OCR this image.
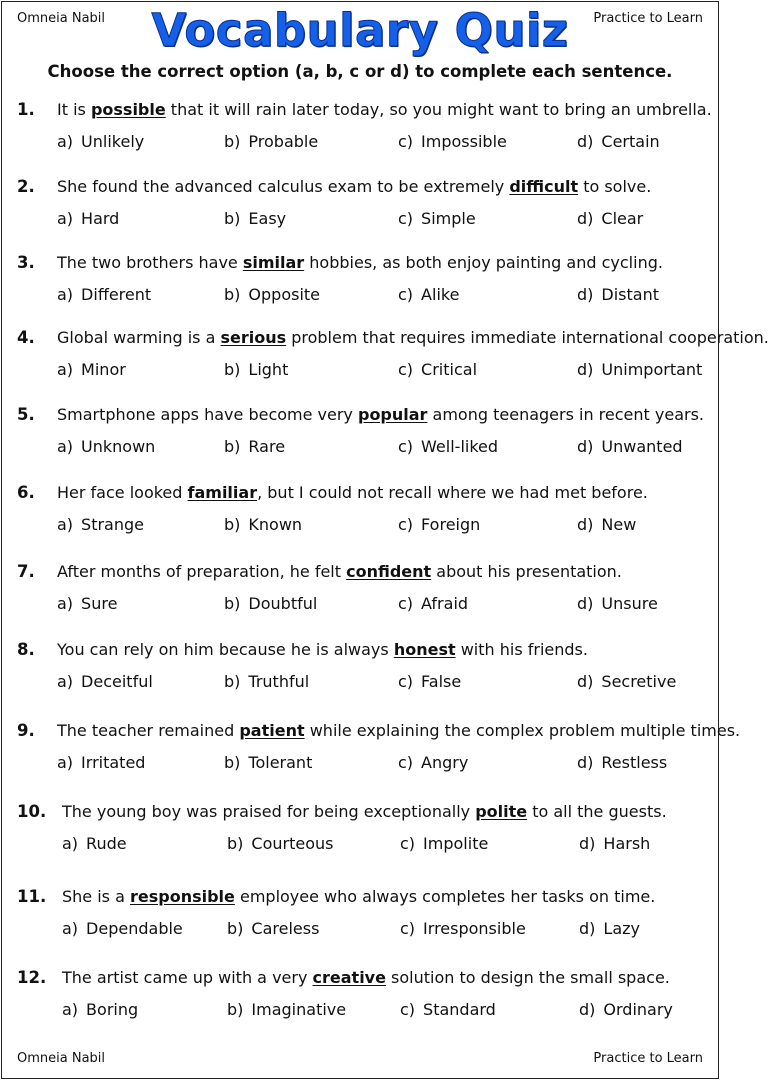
Omneia Nabil	Practice to Learn
Vocabulary Quiz
Choose the correct option (a, b, c or d) to complete each sentence.
1. It is possible that it will rain later today, so you might want to bring an umbrella.
a) Unlikely	b) Probable	c) Impossible	d) Certain
2. She found the advanced calculus exam to be extremely difficult to solve.
a) Hard	b) Easy	c) Simple	d) Clear
3. The two brothers have similar hobbies, as both enjoy painting and cycling.
a) Different	b) Opposite	c) Alike	d) Distant
4. Global warming is a serious problem that requires immediate international cooperation.
a) Minor	b) Light	c) Critical	d) Unimportant
5. Smartphone apps have become very popular among teenagers in recent years.
a) Unknown	b) Rare	c) Well-liked	d) Unwanted
6. Her face looked familiar, but I could not recall where we had met before.
a) Strange	b) Known	c) Foreign	d) New
7. After months of preparation, he felt confident about his presentation.
a) Sure	b) Doubtful	c) Afraid	d) Unsure
8. You can rely on him because he is always honest with his friends.
a) Deceitful	b) Truthful	c) False	d) Secretive
9. The teacher remained patient while explaining the complex problem multiple times.
a) Irritated	b) Tolerant	c) Angry	d) Restless
10. The young boy was praised for being exceptionally polite to all the guests.
a) Rude	b) Courteous	c) Impolite	d) Harsh
11. She is a responsible employee who always completes her tasks on time.
a) Dependable	b) Careless	c) Irresponsible	d) Lazy
12. The artist came up with a very creative solution to design the small space.
a) Boring	b) Imaginative	c) Standard	d) Ordinary
Omneia Nabil	Practice to Learn
